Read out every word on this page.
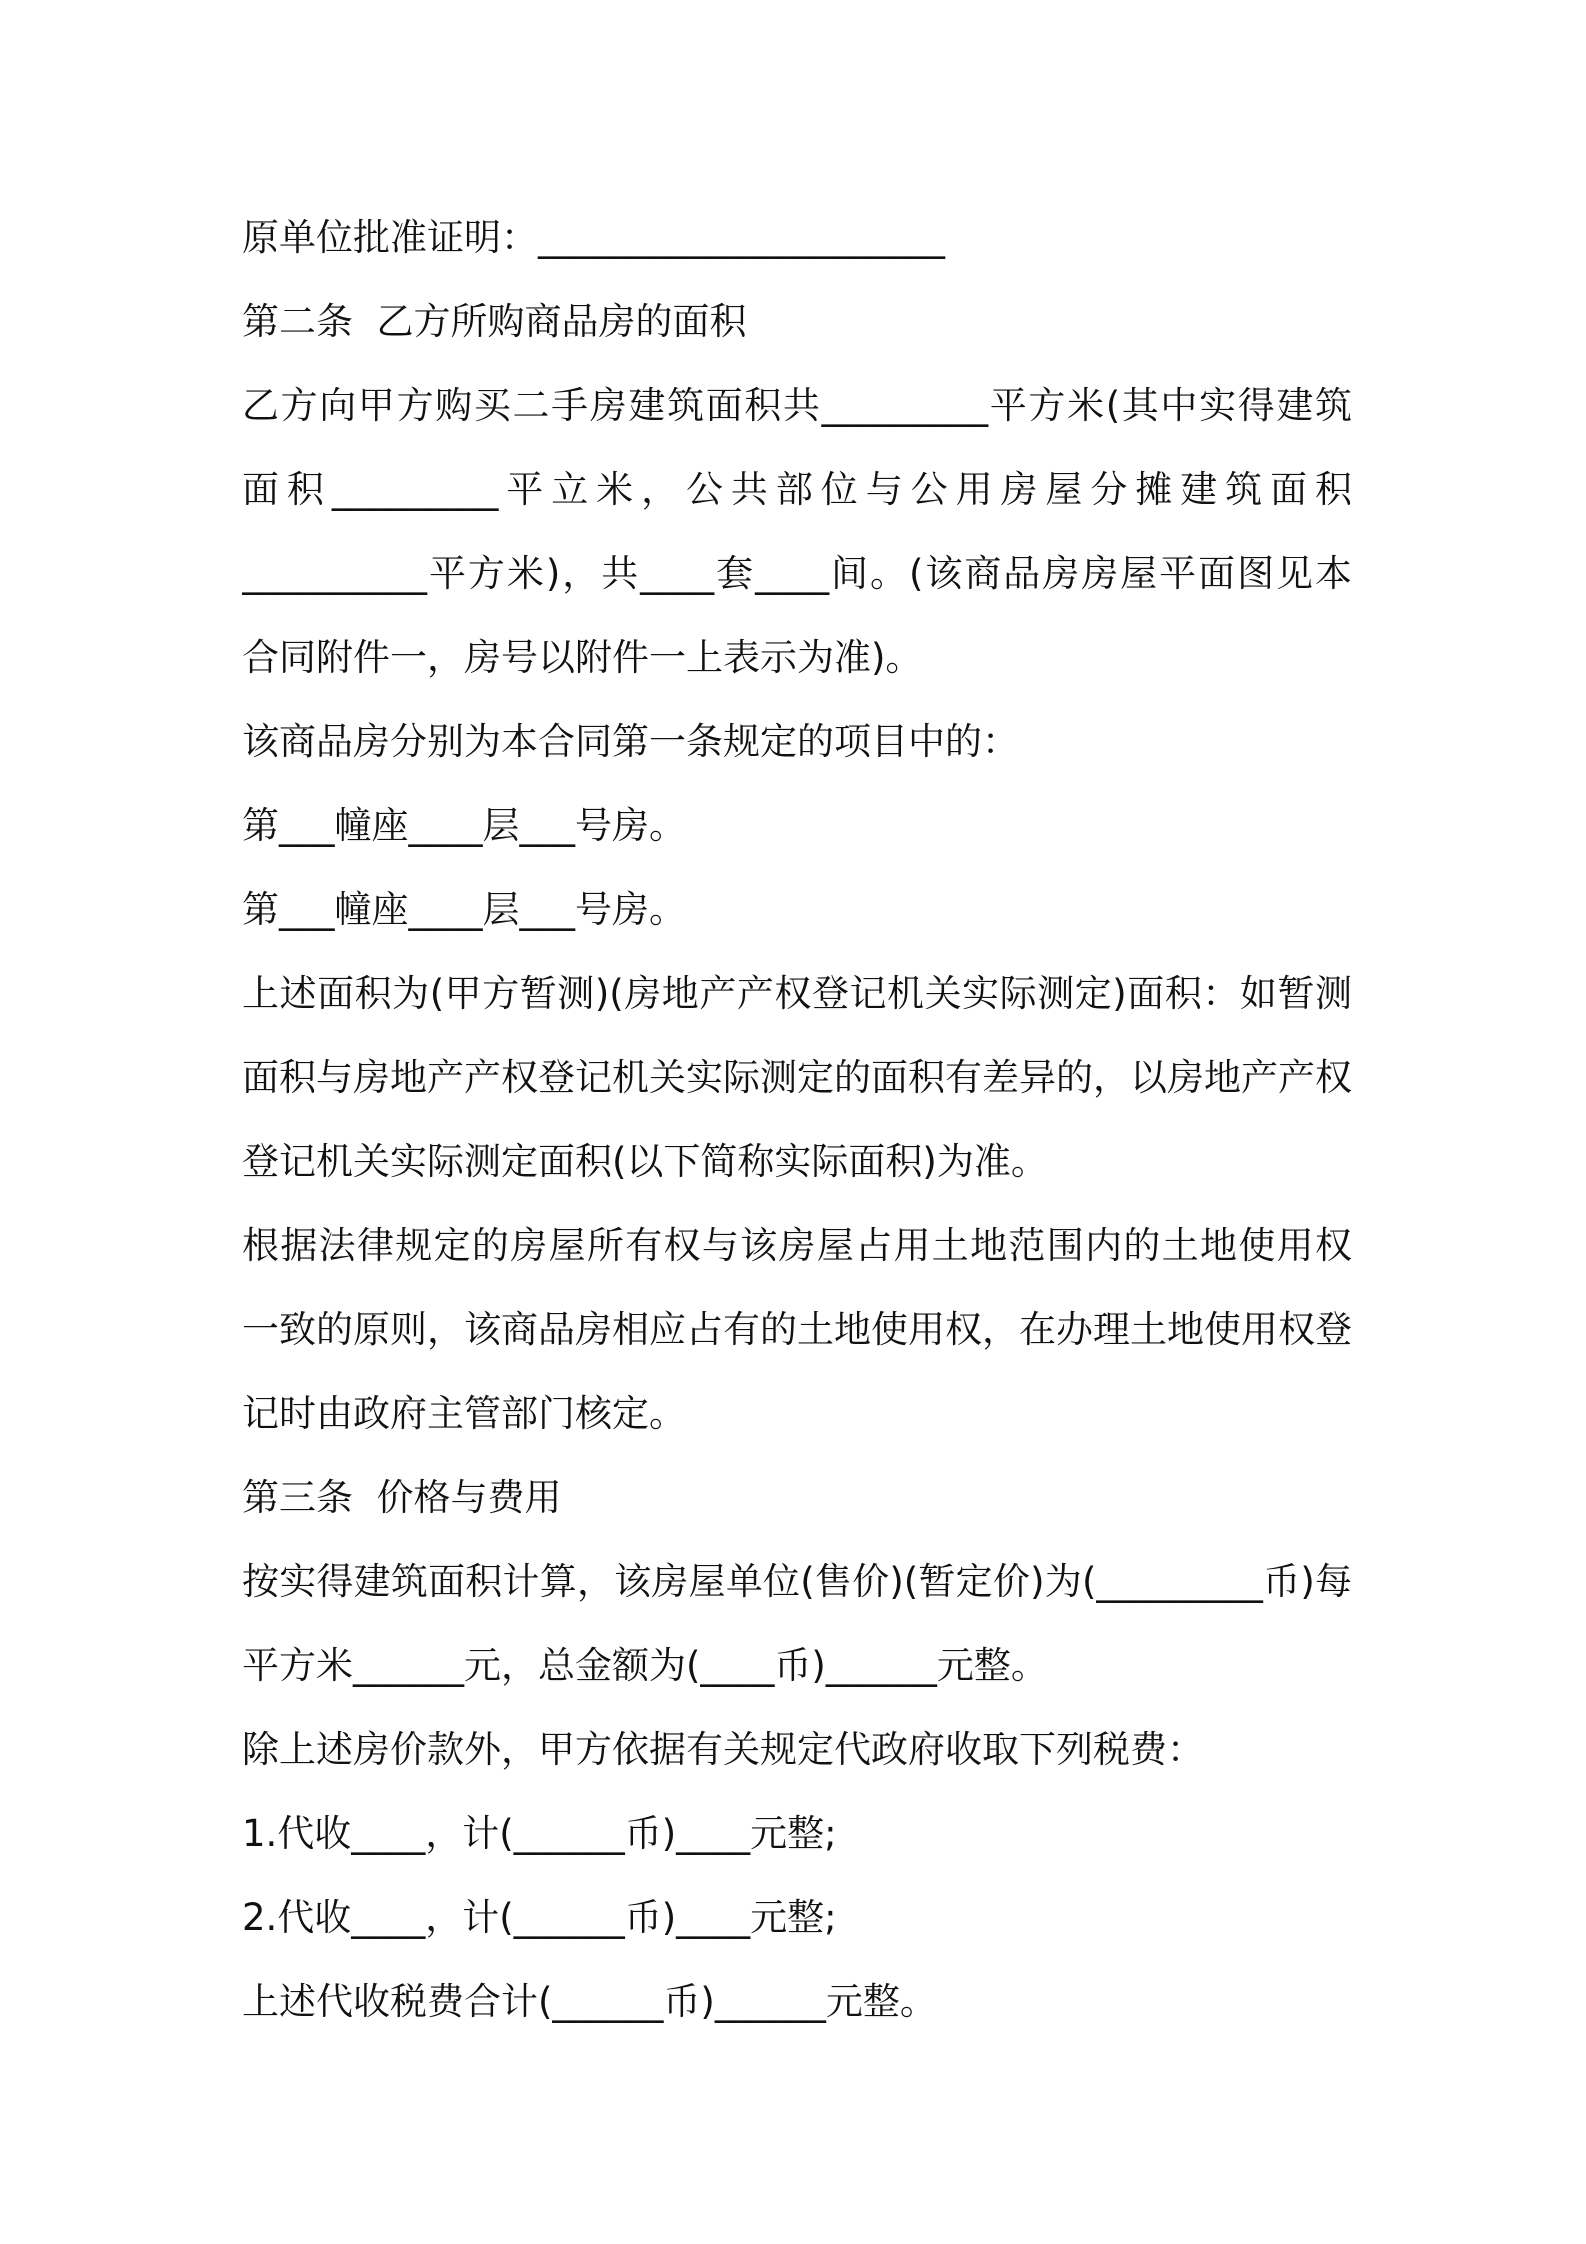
原单位批准证明：______________________
第二条  乙方所购商品房的面积
乙方向甲方购买二手房建筑面积共_________平方米(其中实得建筑
面积_________平立米，公共部位与公用房屋分摊建筑面积
__________平方米)，共____套____间。(该商品房房屋平面图见本
合同附件一，房号以附件一上表示为准)。
该商品房分别为本合同第一条规定的项目中的：
第___幢座____层___号房。
第___幢座____层___号房。
上述面积为(甲方暂测)(房地产产权登记机关实际测定)面积：如暂测
面积与房地产产权登记机关实际测定的面积有差异的，以房地产产权
登记机关实际测定面积(以下简称实际面积)为准。
根据法律规定的房屋所有权与该房屋占用土地范围内的土地使用权
一致的原则，该商品房相应占有的土地使用权，在办理土地使用权登
记时由政府主管部门核定。
第三条  价格与费用
按实得建筑面积计算，该房屋单位(售价)(暂定价)为(_________币)每
平方米______元，总金额为(____币)______元整。
除上述房价款外，甲方依据有关规定代政府收取下列税费：
1.代收____，计(______币)____元整;
2.代收____，计(______币)____元整;
上述代收税费合计(______币)______元整。
